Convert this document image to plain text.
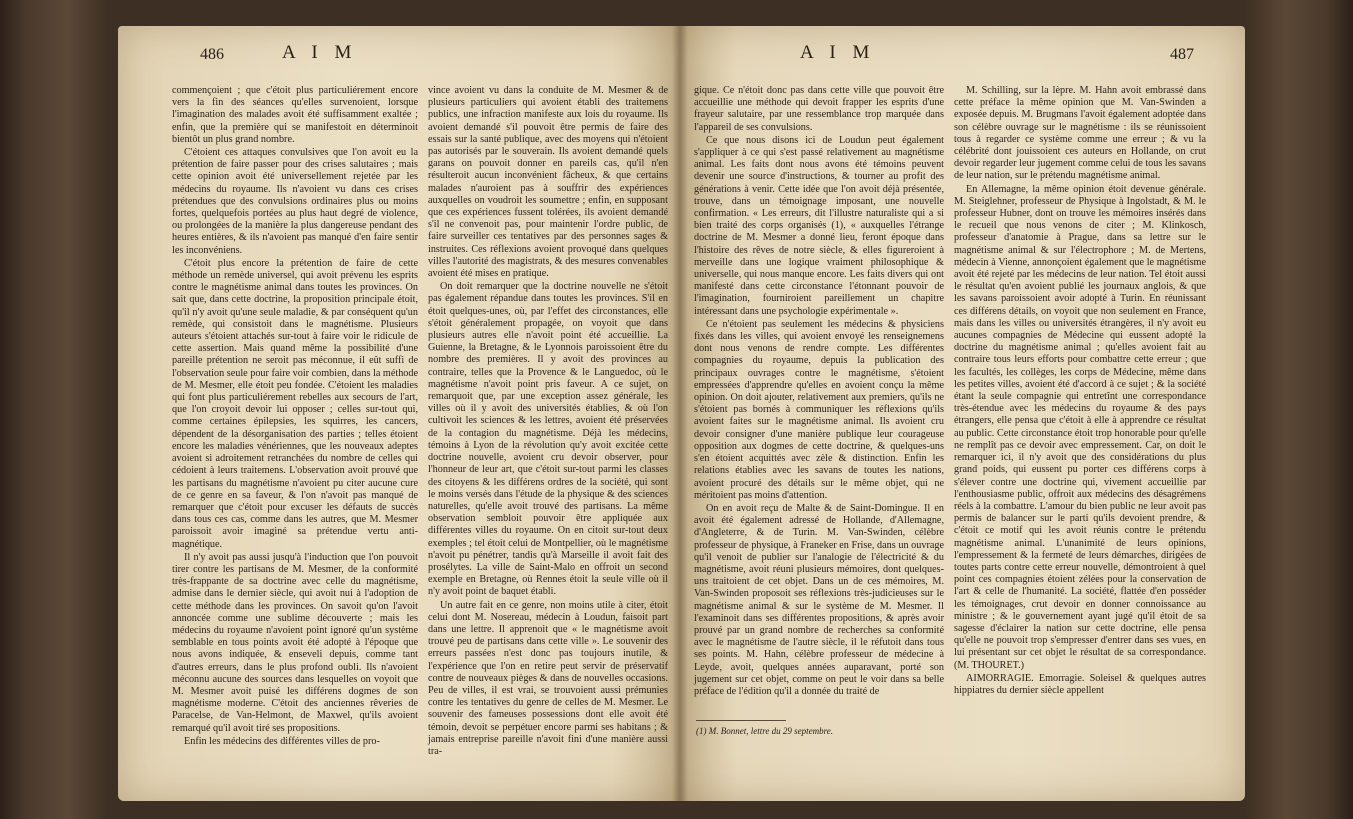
486	A I M	A I M	487

commençoient ; que c'étoit plus particuliérement encore vers la fin des séances qu'elles survenoient, lorsque l'imagination des malades avoit été suffisamment exaltée ; enfin, que la première qui se manifestoit en déterminoit bientôt un plus grand nombre.

C'étoient ces attaques convulsives que l'on avoit eu la prétention de faire passer pour des crises salutaires ; mais cette opinion avoit été universellement rejetée par les médecins du royaume. Ils n'avoient vu dans ces crises prétendues que des convulsions ordinaires plus ou moins fortes, quelquefois portées au plus haut degré de violence, ou prolongées de la manière la plus dangereuse pendant des heures entières, & ils n'avoient pas manqué d'en faire sentir les inconvéniens.

C'étoit plus encore la prétention de faire de cette méthode un remède universel, qui avoit prévenu les esprits contre le magnétisme animal dans toutes les provinces. On sait que, dans cette doctrine, la proposition principale étoit, qu'il n'y avoit qu'une seule maladie, & par conséquent qu'un remède, qui consistoit dans le magnétisme. Plusieurs auteurs s'étoient attachés sur-tout à faire voir le ridicule de cette assertion. Mais quand même la possibilité d'une pareille prétention ne seroit pas méconnue, il eût suffi de l'observation seule pour faire voir combien, dans la méthode de M. Mesmer, elle étoit peu fondée. C'étoient les maladies qui font plus particuliérement rebelles aux secours de l'art, que l'on croyoit devoir lui opposer ; celles sur-tout qui, comme certaines épilepsies, les squirres, les cancers, dépendent de la désorganisation des parties ; telles étoient encore les maladies vénériennes, que les nouveaux adeptes avoient si adroitement retranchées du nombre de celles qui cédoient à leurs traitemens. L'observation avoit prouvé que les partisans du magnétisme n'avoient pu citer aucune cure de ce genre en sa faveur, & l'on n'avoit pas manqué de remarquer que c'étoit pour excuser les défauts de succès dans tous ces cas, comme dans les autres, que M. Mesmer paroissoit avoir imaginé sa prétendue vertu anti-magnétique.

Il n'y avoit pas aussi jusqu'à l'induction que l'on pouvoit tirer contre les partisans de M. Mesmer, de la conformité très-frappante de sa doctrine avec celle du magnétisme, admise dans le dernier siècle, qui avoit nui à l'adoption de cette méthode dans les provinces. On savoit qu'on l'avoit annoncée comme une sublime découverte ; mais les médecins du royaume n'avoient point ignoré qu'un système semblable en tous points avoit été adopté à l'époque que nous avons indiquée, & enseveli depuis, comme tant d'autres erreurs, dans le plus profond oubli. Ils n'avoient méconnu aucune des sources dans lesquelles on voyoit que M. Mesmer avoit puisé les différens dogmes de son magnétisme moderne. C'étoit des anciennes rêveries de Paracelse, de Van-Helmont, de Maxwel, qu'ils avoient remarqué qu'il avoit tiré ses propositions.

Enfin les médecins des différentes villes de pro-

vince avoient vu dans la conduite de M. Mesmer & de plusieurs particuliers qui avoient établi des traitemens publics, une infraction manifeste aux lois du royaume. Ils avoient demandé s'il pouvoit être permis de faire des essais sur la santé publique, avec des moyens qui n'étoient pas autorisés par le souverain. Ils avoient demandé quels garans on pouvoit donner en pareils cas, qu'il n'en résulteroit aucun inconvénient fâcheux, & que certains malades n'auroient pas à souffrir des expériences auxquelles on voudroit les soumettre ; enfin, en supposant que ces expériences fussent tolérées, ils avoient demandé s'il ne convenoit pas, pour maintenir l'ordre public, de faire surveiller ces tentatives par des personnes sages & instruites. Ces réflexions avoient provoqué dans quelques villes l'autorité des magistrats, & des mesures convenables avoient été mises en pratique.

On doit remarquer que la doctrine nouvelle ne s'étoit pas également répandue dans toutes les provinces. S'il en étoit quelques-unes, où, par l'effet des circonstances, elle s'étoit généralement propagée, on voyoit que dans plusieurs autres elle n'avoit point été accueillie. La Guienne, la Bretagne, & le Lyonnois paroissoient être du nombre des premières. Il y avoit des provinces au contraire, telles que la Provence & le Languedoc, où le magnétisme n'avoit point pris faveur. A ce sujet, on remarquoit que, par une exception assez générale, les villes où il y avoit des universités établies, & où l'on cultivoit les sciences & les lettres, avoient été préservées de la contagion du magnétisme. Déjà les médecins, témoins à Lyon de la révolution qu'y avoit excitée cette doctrine nouvelle, avoient cru devoir observer, pour l'honneur de leur art, que c'étoit sur-tout parmi les classes des citoyens & les différens ordres de la société, qui sont le moins versés dans l'étude de la physique & des sciences naturelles, qu'elle avoit trouvé des partisans. La même observation sembloit pouvoir être appliquée aux différentes villes du royaume. On en citoit sur-tout deux exemples ; tel étoit celui de Montpellier, où le magnétisme n'avoit pu pénétrer, tandis qu'à Marseille il avoit fait des prosélytes. La ville de Saint-Malo en offroit un second exemple en Bretagne, où Rennes étoit la seule ville où il n'y avoit point de baquet établi.

Un autre fait en ce genre, non moins utile à citer, étoit celui dont M. Nosereau, médecin à Loudun, faisoit part dans une lettre. Il apprenoit que « le magnétisme avoit trouvé peu de partisans dans cette ville ». Le souvenir des erreurs passées n'est donc pas toujours inutile, & l'expérience que l'on en retire peut servir de préservatif contre de nouveaux pièges & dans de nouvelles occasions. Peu de villes, il est vrai, se trouvoient aussi prémunies contre les tentatives du genre de celles de M. Mesmer. Le souvenir des fameuses possessions dont elle avoit été témoin, devoit se perpétuer encore parmi ses habitans ; & jamais entreprise pareille n'avoit fini d'une manière aussi tra-

gique. Ce n'étoit donc pas dans cette ville que pouvoit être accueillie une méthode qui devoit frapper les esprits d'une frayeur salutaire, par une ressemblance trop marquée dans l'appareil de ses convulsions.

Ce que nous disons ici de Loudun peut également s'appliquer à ce qui s'est passé relativement au magnétisme animal. Les faits dont nous avons été témoins peuvent devenir une source d'instructions, & tourner au profit des générations à venir. Cette idée que l'on avoit déjà présentée, trouve, dans un témoignage imposant, une nouvelle confirmation. « Les erreurs, dit l'illustre naturaliste qui a si bien traité des corps organisés (1), « auxquelles l'étrange doctrine de M. Mesmer a donné lieu, feront époque dans l'histoire des rêves de notre siècle, & elles figureroient à merveille dans une logique vraiment philosophique & universelle, qui nous manque encore. Les faits divers qui ont manifesté dans cette circonstance l'étonnant pouvoir de l'imagination, fourniroient pareillement un chapitre intéressant dans une psychologie expérimentale ».

Ce n'étoient pas seulement les médecins & physiciens fixés dans les villes, qui avoient envoyé les renseignemens dont nous venons de rendre compte. Les différentes compagnies du royaume, depuis la publication des principaux ouvrages contre le magnétisme, s'étoient empressées d'apprendre qu'elles en avoient conçu la même opinion. On doit ajouter, relativement aux premiers, qu'ils ne s'étoient pas bornés à communiquer les réflexions qu'ils avoient faites sur le magnétisme animal. Ils avoient cru devoir consigner d'une manière publique leur courageuse opposition aux dogmes de cette doctrine, & quelques-uns s'en étoient acquittés avec zèle & distinction. Enfin les relations établies avec les savans de toutes les nations, avoient procuré des détails sur le même objet, qui ne méritoient pas moins d'attention.

On en avoit reçu de Malte & de Saint-Domingue. Il en avoit été également adressé de Hollande, d'Allemagne, d'Angleterre, & de Turin. M. Van-Swinden, célèbre professeur de physique, à Franeker en Frise, dans un ouvrage qu'il venoit de publier sur l'analogie de l'électricité & du magnétisme, avoit réuni plusieurs mémoires, dont quelques-uns traitoient de cet objet. Dans un de ces mémoires, M. Van-Swinden proposoit ses réflexions très-judicieuses sur le magnétisme animal & sur le système de M. Mesmer. Il l'examinoit dans ses différentes propositions, & après avoir prouvé par un grand nombre de recherches sa conformité avec le magnétisme de l'autre siècle, il le réfutoit dans tous ses points. M. Hahn, célèbre professeur de médecine à Leyde, avoit, quelques années auparavant, porté son jugement sur cet objet, comme on peut le voir dans sa belle préface de l'édition qu'il a donnée du traité de

M. Schilling, sur la lèpre. M. Hahn avoit embrassé dans cette préface la même opinion que M. Van-Swinden a exposée depuis. M. Brugmans l'avoit également adoptée dans son célèbre ouvrage sur le magnétisme : ils se réunissoient tous à regarder ce système comme une erreur ; & vu la célébrité dont jouissoient ces auteurs en Hollande, on crut devoir regarder leur jugement comme celui de tous les savans de leur nation, sur le prétendu magnétisme animal.

En Allemagne, la même opinion étoit devenue générale. M. Steiglehner, professeur de Physique à Ingolstadt, & M. le professeur Hubner, dont on trouve les mémoires insérés dans le recueil que nous venons de citer ; M. Klinkosch, professeur d'anatomie à Prague, dans sa lettre sur le magnétisme animal & sur l'électrophore ; M. de Mertens, médecin à Vienne, annonçoient également que le magnétisme avoit été rejeté par les médecins de leur nation. Tel étoit aussi le résultat qu'en avoient publié les journaux anglois, & que les savans paroissoient avoir adopté à Turin. En réunissant ces différens détails, on voyoit que non seulement en France, mais dans les villes ou universités étrangères, il n'y avoit eu aucunes compagnies de Médecine qui eussent adopté la doctrine du magnétisme animal ; qu'elles avoient fait au contraire tous leurs efforts pour combattre cette erreur ; que les facultés, les collèges, les corps de Médecine, même dans les petites villes, avoient été d'accord à ce sujet ; & la société étant la seule compagnie qui entretînt une correspondance très-étendue avec les médecins du royaume & des pays étrangers, elle pensa que c'étoit à elle à apprendre ce résultat au public. Cette circonstance étoit trop honorable pour qu'elle ne remplît pas ce devoir avec empressement. Car, on doit le remarquer ici, il n'y avoit que des considérations du plus grand poids, qui eussent pu porter ces différens corps à s'élever contre une doctrine qui, vivement accueillie par l'enthousiasme public, offroit aux médecins des désagrémens réels à la combattre. L'amour du bien public ne leur avoit pas permis de balancer sur le parti qu'ils devoient prendre, & c'étoit ce motif qui les avoit réunis contre le prétendu magnétisme animal. L'unanimité de leurs opinions, l'empressement & la fermeté de leurs démarches, dirigées de toutes parts contre cette erreur nouvelle, démontroient à quel point ces compagnies étoient zélées pour la conservation de l'art & celle de l'humanité. La société, flattée d'en posséder les témoignages, crut devoir en donner connoissance au ministre ; & le gouvernement ayant jugé qu'il étoit de sa sagesse d'éclairer la nation sur cette doctrine, elle pensa qu'elle ne pouvoit trop s'empresser d'entrer dans ses vues, en lui présentant sur cet objet le résultat de sa correspondance. (M. THOURET.)

AIMORRAGIE. Emorragie. Soleisel & quelques autres hippiatres du dernier siècle appellent

(1) M. Bonnet, lettre du 29 septembre.
